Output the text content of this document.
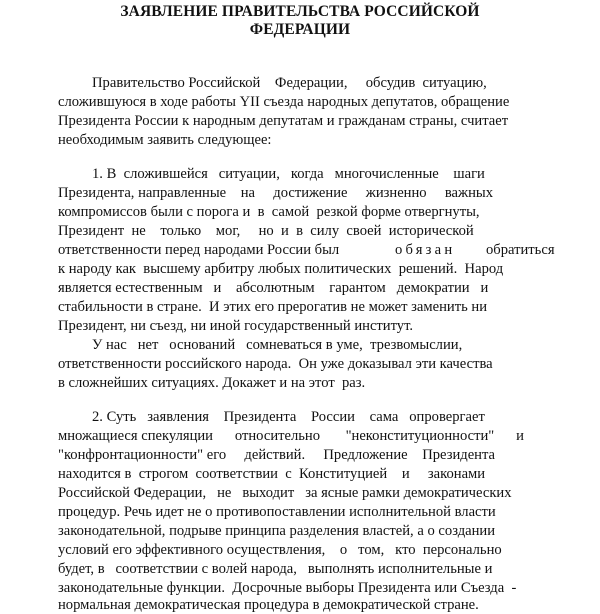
ЗАЯВЛЕНИЕ ПРАВИТЕЛЬСТВА РОССИЙСКОЙ
ФЕДЕРАЦИИ
Правительство Российской    Федерации,     обсудив  ситуацию,
сложившуюся в ходе работы YII съезда народных депутатов, обращение
Президента России к народным депутатам и гражданам страны, считает
необходимым заявить следующее:
1. В  сложившейся   ситуации,   когда   многочисленные    шаги
Президента, направленные    на     достижение     жизненно     важных
компромиссов были с порога и  в  самой  резкой форме отвергнуты,
Президент  не    только    мог,     но  и  в  силу  своей  исторической
ответственности перед народами России был	обязан обратиться
к народу как  высшему арбитру любых политических  решений.  Народ
является естественным   и    абсолютным    гарантом   демократии   и
стабильности в стране.  И этих его прерогатив не может заменить ни
Президент, ни съезд, ни иной государственный институт.
У нас   нет   оснований   сомневаться в уме,  трезвомыслии,
ответственности российского народа.  Он уже доказывал эти качества
в сложнейших ситуациях. Докажет и на этот  раз.
2. Суть   заявления    Президента    России    сама   опровергает
множащиеся спекуляции      относительно       "неконституционности"      и
"конфронтационности" его     действий.     Предложение    Президента
находится в  строгом  соответствии  с  Конституцией    и     законами
Российской Федерации,   не   выходит   за ясные рамки демократических
процедур. Речь идет не о противопоставлении исполнительной власти
законодательной, подрыве принципа разделения властей, а о создании
условий его эффективного осуществления,    о   том,   кто  персонально
будет, в   соответствии с волей народа,   выполнять исполнительные и
законодательные функции.  Досрочные выборы Президента или Съезда  -
нормальная демократическая процедура в демократической стране.
